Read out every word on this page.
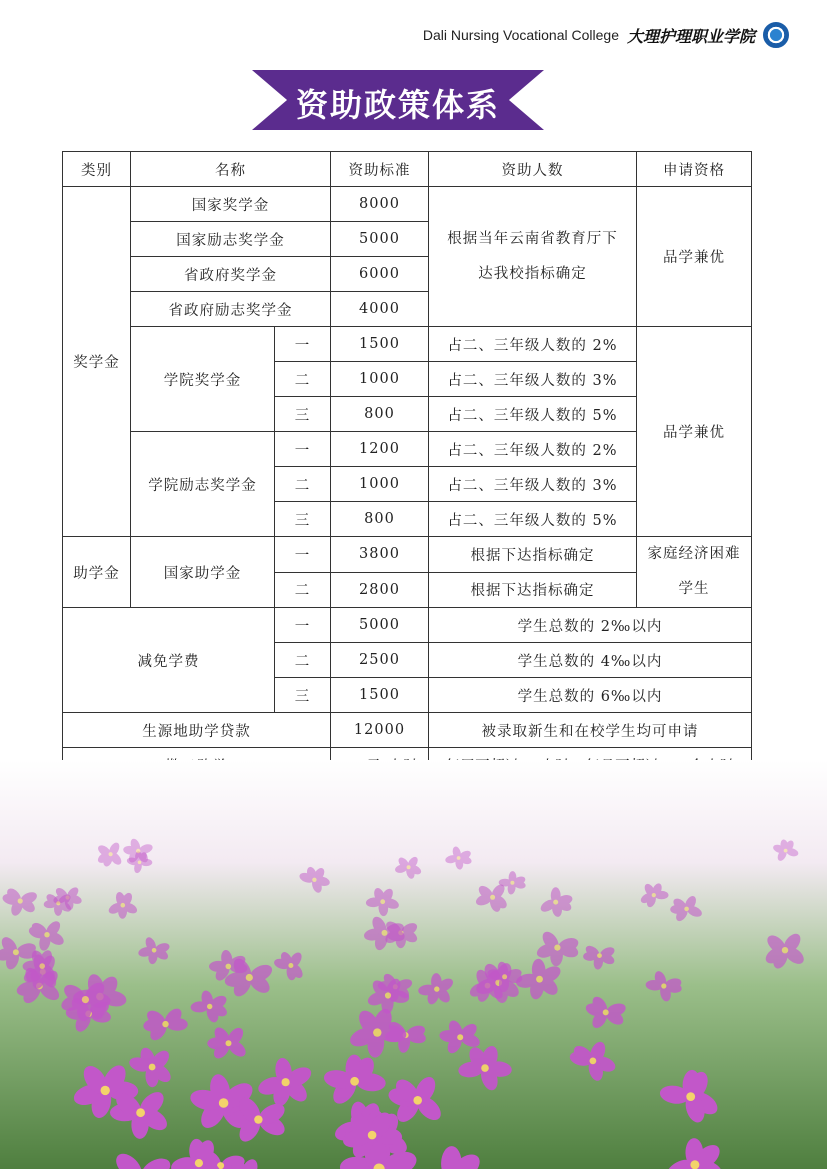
Dali Nursing Vocational College 大理护理职业学院
资助政策体系
类别	名称		资助标准	资助人数	申请资格
奖学金	国家奖学金		8000	根据当年云南省教育厅下达我校指标确定	品学兼优
	国家励志奖学金		5000		
	省政府奖学金		6000		
	省政府励志奖学金		4000		
	学院奖学金	一	1500	占二、三年级人数的 2%	品学兼优
		二	1000	占二、三年级人数的 3%	
		三	800	占二、三年级人数的 5%	
	学院励志奖学金	一	1200	占二、三年级人数的 2%	
		二	1000	占二、三年级人数的 3%	
		三	800	占二、三年级人数的 5%	
助学金	国家助学金	一	3800	根据下达指标确定	家庭经济困难学生
		二	2800	根据下达指标确定	
减免学费		一	5000	学生总数的 2‰以内	
		二	2500	学生总数的 4‰以内	
		三	1500	学生总数的 6‰以内	
生源地助学贷款			12000	被录取新生和在校学生均可申请	
